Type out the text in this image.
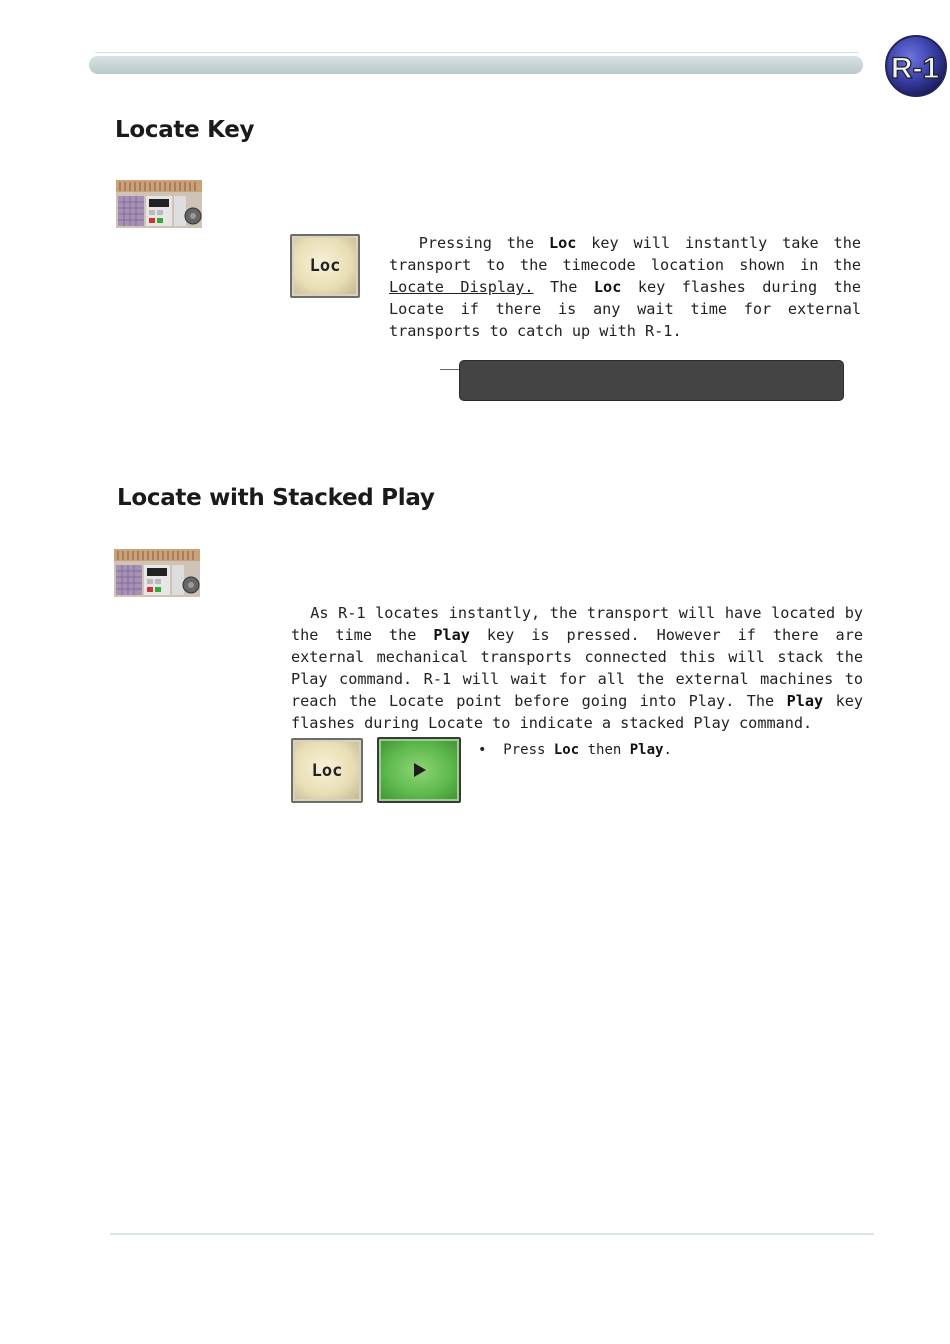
R-1
Locate Key
Loc

Pressing the Loc key will instantly take the transport to the timecode location shown in the Locate Display. The Loc key flashes during the Locate if there is any wait time for external transports to catch up with R-1.

Locate with Stacked Play

As R-1 locates instantly, the transport will have located by the time the Play key is pressed. However if there are external mechanical transports connected this will stack the Play command. R-1 will wait for all the external machines to reach the Locate point before going into Play. The Play key flashes during Locate to indicate a stacked Play command.

Loc
• Press Loc then Play.
